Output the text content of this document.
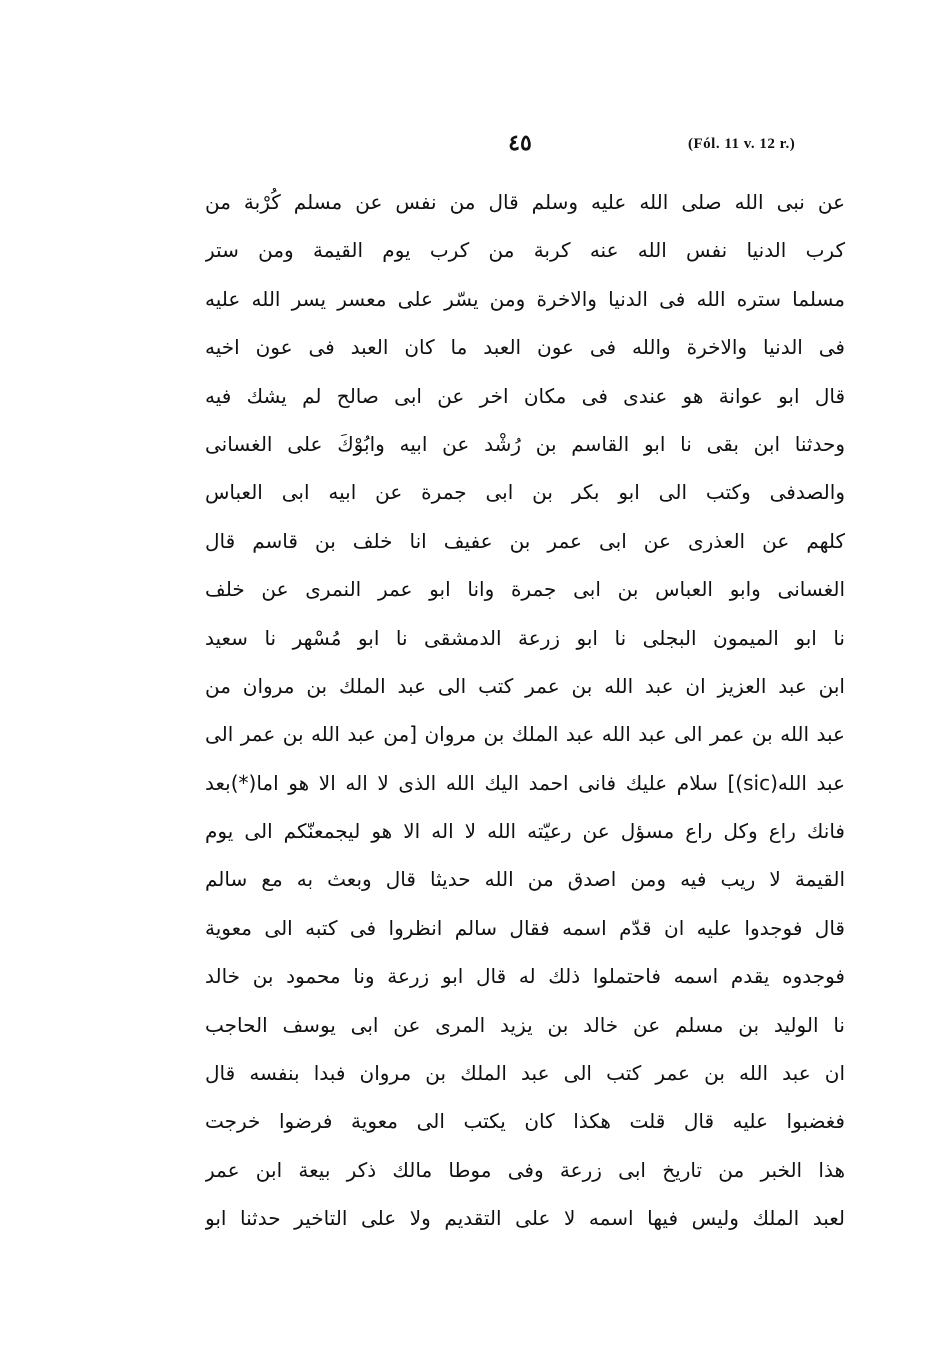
٤٥	(Fól. 11 v. 12 r.)
عن نبى الله صلى الله عليه وسلم قال من نفس عن مسلم كُرْبة من
كرب الدنيا نفس الله عنه كربة من كرب يوم القيمة ومن ستر
مسلما ستره الله فى الدنيا والاخرة ومن يسّر على معسر يسر الله عليه
فى الدنيا والاخرة والله فى عون العبد ما كان العبد فى عون اخيه
قال ابو عوانة هو عندى فى مكان اخر عن ابى صالح لم يشك فيه
وحدثنا ابن بقى نا ابو القاسم بن رُشْد عن ابيه وابُوْكَ على الغسانى
والصدفى وكتب الى ابو بكر بن ابى جمرة عن ابيه ابى العباس
كلهم عن العذرى عن ابى عمر بن عفيف انا خلف بن قاسم قال
الغسانى وابو العباس بن ابى جمرة وانا ابو عمر النمرى عن خلف
نا ابو الميمون البجلى نا ابو زرعة الدمشقى نا ابو مُسْهر نا سعيد
ابن عبد العزيز ان عبد الله بن عمر كتب الى عبد الملك بن مروان من
عبد الله بن عمر الى عبد الله عبد الملك بن مروان [من عبد الله بن عمر الى
عبد الله(sic)] سلام عليك فانى احمد اليك الله الذى لا اله الا هو اما(*)بعد
فانك راع وكل راع مسؤل عن رعيّته الله لا اله الا هو ليجمعنّكم الى يوم
القيمة لا ريب فيه ومن اصدق من الله حديثا قال وبعث به مع سالم
قال فوجدوا عليه ان قدّم اسمه فقال سالم انظروا فى كتبه الى معوية
فوجدوه يقدم اسمه فاحتملوا ذلك له قال ابو زرعة ونا محمود بن خالد
نا الوليد بن مسلم عن خالد بن يزيد المرى عن ابى يوسف الحاجب
ان عبد الله بن عمر كتب الى عبد الملك بن مروان فبدا بنفسه قال
فغضبوا عليه قال قلت هكذا كان يكتب الى معوية فرضوا خرجت
هذا الخبر من تاريخ ابى زرعة وفى موطا مالك ذكر بيعة ابن عمر
لعبد الملك وليس فيها اسمه لا على التقديم ولا على التاخير حدثنا ابو
